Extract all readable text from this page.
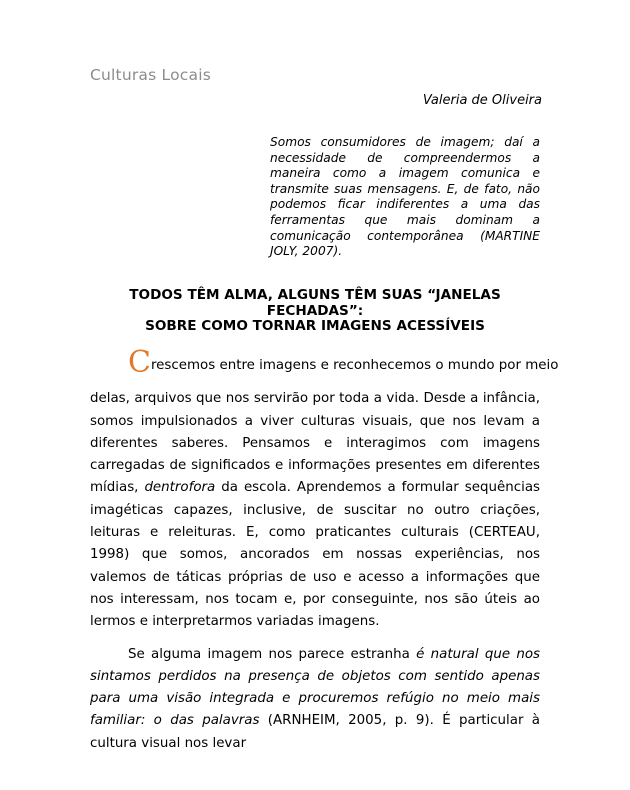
Culturas Locais
Valeria de Oliveira
Somos consumidores de imagem; daí a necessidade de compreendermos a maneira como a imagem comunica e transmite suas mensagens. E, de fato, não podemos ficar indiferentes a uma das ferramentas que mais dominam a comunicação contemporânea (MARTINE JOLY, 2007).
TODOS TÊM ALMA, ALGUNS TÊM SUAS “JANELAS
FECHADAS”:
SOBRE COMO TORNAR IMAGENS ACESSÍVEIS
Crescemos entre imagens e reconhecemos o mundo por meio
delas, arquivos que nos servirão por toda a vida. Desde a infância, somos impulsionados a viver culturas visuais, que nos levam a diferentes saberes. Pensamos e interagimos com imagens carregadas de significados e informações presentes em diferentes mídias, dentrofora da escola. Aprendemos a formular sequências imagéticas capazes, inclusive, de suscitar no outro criações, leituras e releituras. E, como praticantes culturais (CERTEAU, 1998) que somos, ancorados em nossas experiências, nos valemos de táticas próprias de uso e acesso a informações que nos interessam, nos tocam e, por conseguinte, nos são úteis ao lermos e interpretarmos variadas imagens.
Se alguma imagem nos parece estranha é natural que nos sintamos perdidos na presença de objetos com sentido apenas para uma visão integrada e procuremos refúgio no meio mais familiar: o das palavras (ARNHEIM, 2005, p. 9). É particular à cultura visual nos levar
